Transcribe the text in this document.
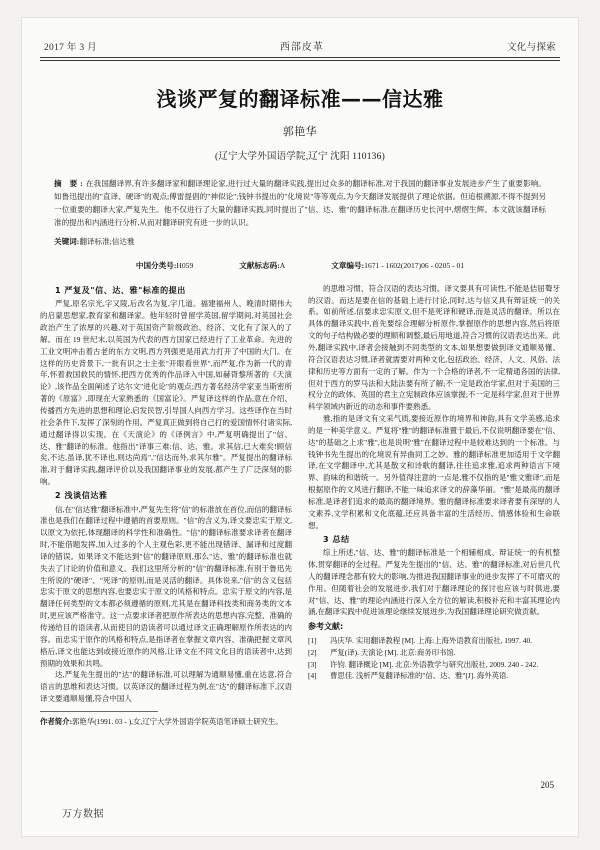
2017 年 3 月	西部皮革	文化与探索
浅谈严复的翻译标准——信达雅
郭艳华
(辽宁大学外国语学院,辽宁 沈阳 110136)
摘 要:在我国翻译界,有许多翻译家和翻译理论家,进行过大量的翻译实践,提出过众多的翻译标准,对于我国的翻译事业发展进步产生了重要影响。如鲁迅提出的"直译、硬译"的观点;傅雷提倡的"神似论";钱钟书提出的"化境说"等等观点,为今天翻译发展提供了理论依据。但追根溯源,不得不提到另一位重要的翻译大家,严复先生。他不仅进行了大量的翻译实践,同时提出了"信、达、雅"的翻译标准,在翻译历史长河中,熠熠生辉。本文就该翻译标准的提出和内涵进行分析,从而对翻译研究有进一步的认识。
关键词:翻译标准;信达雅
中国分类号:H059	文献标志码:A	文章编号:1671 - 1602(2017)06 - 0205 - 01
1 严复及"信、达、雅"标准的提出

严复,原名宗光,字又陵,后改名为复,字几道。福建福州人、晚清时期伟大的启蒙思想家,教育家和翻译家。他年轻时曾留学英国,留学期间,对英国社会政治产生了浓厚的兴趣,对于英国资产阶级政治、经济、文化有了深入的了解。而在 19 世纪末,以英国为代表的西方国家已经进行了工业革命。先进的工业文明冲击着古老的东方文明,西方列强更是用武力打开了中国的大门。在这样的历史背景下,一批有识之士主张"开眼看世界",而严复,作为新一代的青年,怀着救国救民的情怀,把西方优秀的作品译入中国,如赫胥黎所著的《天演论》,该作品全面阐述了达尔文"进化论"的观点;西方著名经济学家亚当斯密所著的《原富》,即现在大家熟悉的《国富论》。严复译这样的作品,意在介绍、传播西方先进的思想和理论,启发民智,引导国人向西方学习。这些译作在当时社会条件下,发挥了深刻的作用。严复真正做到将自己打的爱国情怀付诸实际,通过翻译得以实现。在《天演论》的《译例言》中,严复明确提出了"信、达、雅"翻译的标准。他指出"译事三难:信、达、雅。求其信,已大难矣!顾信矣,不达,虽译,犹不译也,则达尚焉","信达而外,求其尔雅"。严复提出的翻译标准,对于翻译实践,翻译评价以及我国翻译事业的发展,都产生了广泛深刻的影响。

2 浅谈信达雅

信,在"信达雅"翻译标准中,严复先生将"信"的标准放在首位,而信的翻译标准也是我们在翻译过程中遵循的首要原则。"信"的含义为,译文要忠实于原文,以原文为依托,体现翻译的科学性和准确性。"信"的翻译标准要求译者在翻译时,不能借题发挥,加入过多的个人主观色彩,更不能出现错译、漏译和过度翻译的错误。如果译文不能达到"信"的翻译原则,那么"达、雅"的翻译标准也就失去了讨论的价值和意义。我们这里所分析的"信"的翻译标准,有别于鲁迅先生所说的"硬译"、"死译"的原则,而是灵活的翻译。具体说来,"信"的含义包括忠实于原文的思想内容,也要忠实于原文的风格和特点。忠实于原文的内容,是翻译任何类型的文本都必须遵循的原则,尤其是在翻译科技类和商务类的文本时,更应该严格准守。这一点要求译者把原作所表达的思想内容,完整、准确的传递给目的语读者,从而使目的语读者可以通过译文正确理解原作所表达的内容。而忠实于原作的风格和特点,是指译者在掌握文章内容、准确把握文章风格后,译文也能达到或接近原作的风格,让译文在不同文化目的语读者中,达到预期的效果和共鸣。

达,严复先生提出的"达"的翻译标准,可以理解为通顺易懂,重在达意,符合语言的思维和表达习惯。以英译汉的翻译过程为例,在"达"的翻译标准下,汉语译文要通顺易懂,符合中国人

作者简介:郭艳华(1991. 03 - ),女,辽宁大学外国语学院英语笔译硕士研究生。

的思维习惯、符合汉语的表达习惯。译文要具有可读性,不能是佶屈聱牙的汉语。而达是要在信的基础上进行讨论,同时,达与信又具有辩证统一的关系。如前所述,信要求忠实原文,但不是死译和硬译,而是灵活的翻译。所以在具体的翻译实践中,首先要综合理解分析原作,掌握原作的思想内容,然后将原文的句子结构做必要的理顺和调整,最后用地道,符合习惯的汉语表达出来。此外,翻译实践中,译者会接触到不同类型的文本,如果想要做到译文通顺易懂、符合汉语表达习惯,译者就需要对两种文化,包括政治、经济、人文、风俗、法律和历史等方面有一定的了解。作为一个合格的译者,不一定精通各国的法律,但对于西方的罗马法和大陆法要有所了解;不一定是政治学家,但对于美国的三权分立的政体、英国的君主立宪制政体应该掌握;不一定是科学家,但对于世界科学领域内新近的动态和事件要熟悉。

雅,指的是译文有文采气质,要接近原作的境界和神韵,具有文学美感,追求的是一种美学意义。严复将"雅"的翻译标准置于最后,不仅说明翻译要在"信、达"的基础之上求"雅",也是说明"雅"在翻译过程中是较难达到的一个标准。与钱钟书先生提出的化境说有异曲同工之妙。雅的翻译标准更加适用于文学翻译,在文学翻译中,尤其是散文和诗歌的翻译,往往追求雅,追求两种语言下境界、韵味的和谐统一。另外值得注意的一点是,雅不仅指的是"雅文雅译",而是根据原作的文风进行翻译,不能一味追求译文的辞藻华丽。"雅"是最高的翻译标准,是译者们追求的最高的翻译境界。雅的翻译标准要求译者要有深厚的人文素养,文学积累和文化底蕴,还应具备丰富的生活经历、情感体验和生命联想。

3 总结

综上所述,"信、达、雅"的翻译标准是一个相辅相成、辩证统一的有机整体,贯穿翻译的全过程。严复先生提出的"信、达、雅"的翻译标准,对后世几代人的翻译理念都有较大的影响,为推进我国翻译事业的进步发挥了不可磨灭的作用。但随着社会的发展进步,我们对于翻译理论的探讨也应该与时俱进,要对"信、达、雅"的理论内涵进行深入全方位的解读,积极补充和丰富其理论内涵,在翻译实践中促进该理论继续发展进步,为我国翻译理论研究做贡献。

参考文献:
[1]	冯庆华. 实用翻译教程 [M]. 上海:上海外语教育出版社, 1997. 40.
[2]	严复(译). 天演论 [M]. 北京:商务印书馆.
[3]	许钧. 翻译概论 [M]. 北京:外语教学与研究出版社, 2009. 240 - 242.
[4]	曹思佳. 浅析严复翻译标准的"信、达、雅"[J]. 海外英语.
205
万方数据
